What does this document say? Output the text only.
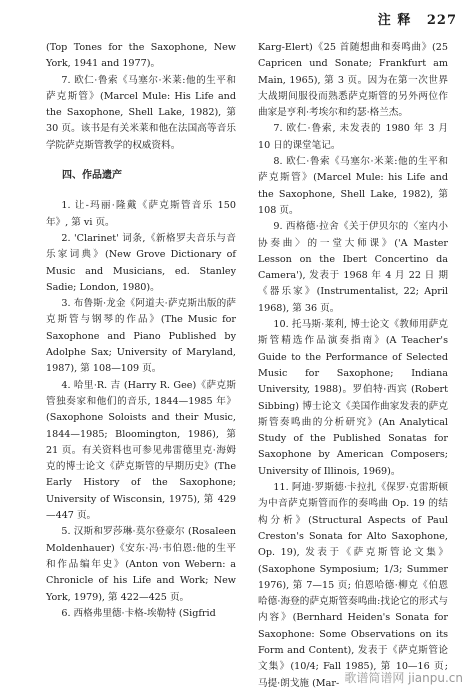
注 释 227

(Top Tones for the Saxophone, New York, 1941 and 1977)。

7. 欧仁·鲁索《马塞尔·米莱:他的生平和萨克斯管》(Marcel Mule: His Life and the Saxophone, Shell Lake, 1982), 第 30 页。该书是有关米莱和他在法国高等音乐学院萨克斯管教学的权威资料。

四、作品遗产

1. 让-玛丽·隆戴《萨克斯管音乐 150 年》, 第 vi 页。

2. 'Clarinet' 词条,《新格罗夫音乐与音乐家词典》(New Grove Dictionary of Music and Musicians, ed. Stanley Sadie; London, 1980)。

3. 布鲁斯·龙金《阿道夫·萨克斯出版的萨克斯管与钢琴的作品》(The Music for Saxophone and Piano Published by Adolphe Sax; University of Maryland, 1987), 第 108—109 页。

4. 哈里·R. 吉 (Harry R. Gee)《萨克斯管独奏家和他们的音乐, 1844—1985 年》(Saxophone Soloists and their Music, 1844—1985; Bloomington, 1986), 第 21 页。有关资料也可参见弗雷德里克·海姆克的博士论文《萨克斯管的早期历史》(The Early History of the Saxophone; University of Wisconsin, 1975), 第 429—447 页。

5. 汉斯和罗莎琳·莫尔登豪尔 (Rosaleen Moldenhauer)《安东·冯·韦伯恩:他的生平和作品编年史》(Anton von Webern: a Chronicle of his Life and Work; New York, 1979), 第 422—425 页。

6. 西格弗里德·卡格-埃勒特 (Sigfrid

Karg-Elert)《25 首随想曲和奏鸣曲》(25 Capricen und Sonate; Frankfurt am Main, 1965), 第 3 页。因为在第一次世界大战期间服役而熟悉萨克斯管的另外两位作曲家是亨利·考埃尔和约瑟·格兰杰。

7. 欧仁·鲁索, 未发表的 1980 年 3 月 10 日的课堂笔记。

8. 欧仁·鲁索《马塞尔·米莱:他的生平和萨克斯管》(Marcel Mule: his Life and the Saxophone, Shell Lake, 1982), 第 108 页。

9. 西格德·拉舍《关于伊贝尔的〈室内小协奏曲〉的一堂大师课》('A Master Lesson on the Ibert Concertino da Camera'), 发表于 1968 年 4 月 22 日 期《器乐家》(Instrumentalist, 22; April 1968), 第 36 页。

10. 托马斯·莱利, 博士论文《教师用萨克斯管精选作品演奏指南》(A Teacher's Guide to the Performance of Selected Music for Saxophone; Indiana University, 1988)。罗伯特·西宾 (Robert Sibbing) 博士论文《美国作曲家发表的萨克斯管奏鸣曲的分析研究》(An Analytical Study of the Published Sonatas for Saxophone by American Composers; University of Illinois, 1969)。

11. 阿迪·罗斯德·卡拉扎《保罗·克雷斯顿为中音萨克斯管而作的奏鸣曲 Op. 19 的结构分析》(Structural Aspects of Paul Creston's Sonata for Alto Saxophone, Op. 19), 发表于《萨克斯管论文集》(Saxophone Symposium; 1/3; Summer 1976), 第 7—15 页; 伯恩哈德·柳克《伯恩哈德·海登的萨克斯管奏鸣曲:找论它的形式与内容》(Bernhard Heiden's Sonata for Saxophone: Some Observations on its Form and Content), 发表于《萨克斯管论文集》(10/4; Fall 1985), 第 10—16 页; 马提·朗戈施 (Mar- 歌谱简谱网 jianpu.cn
